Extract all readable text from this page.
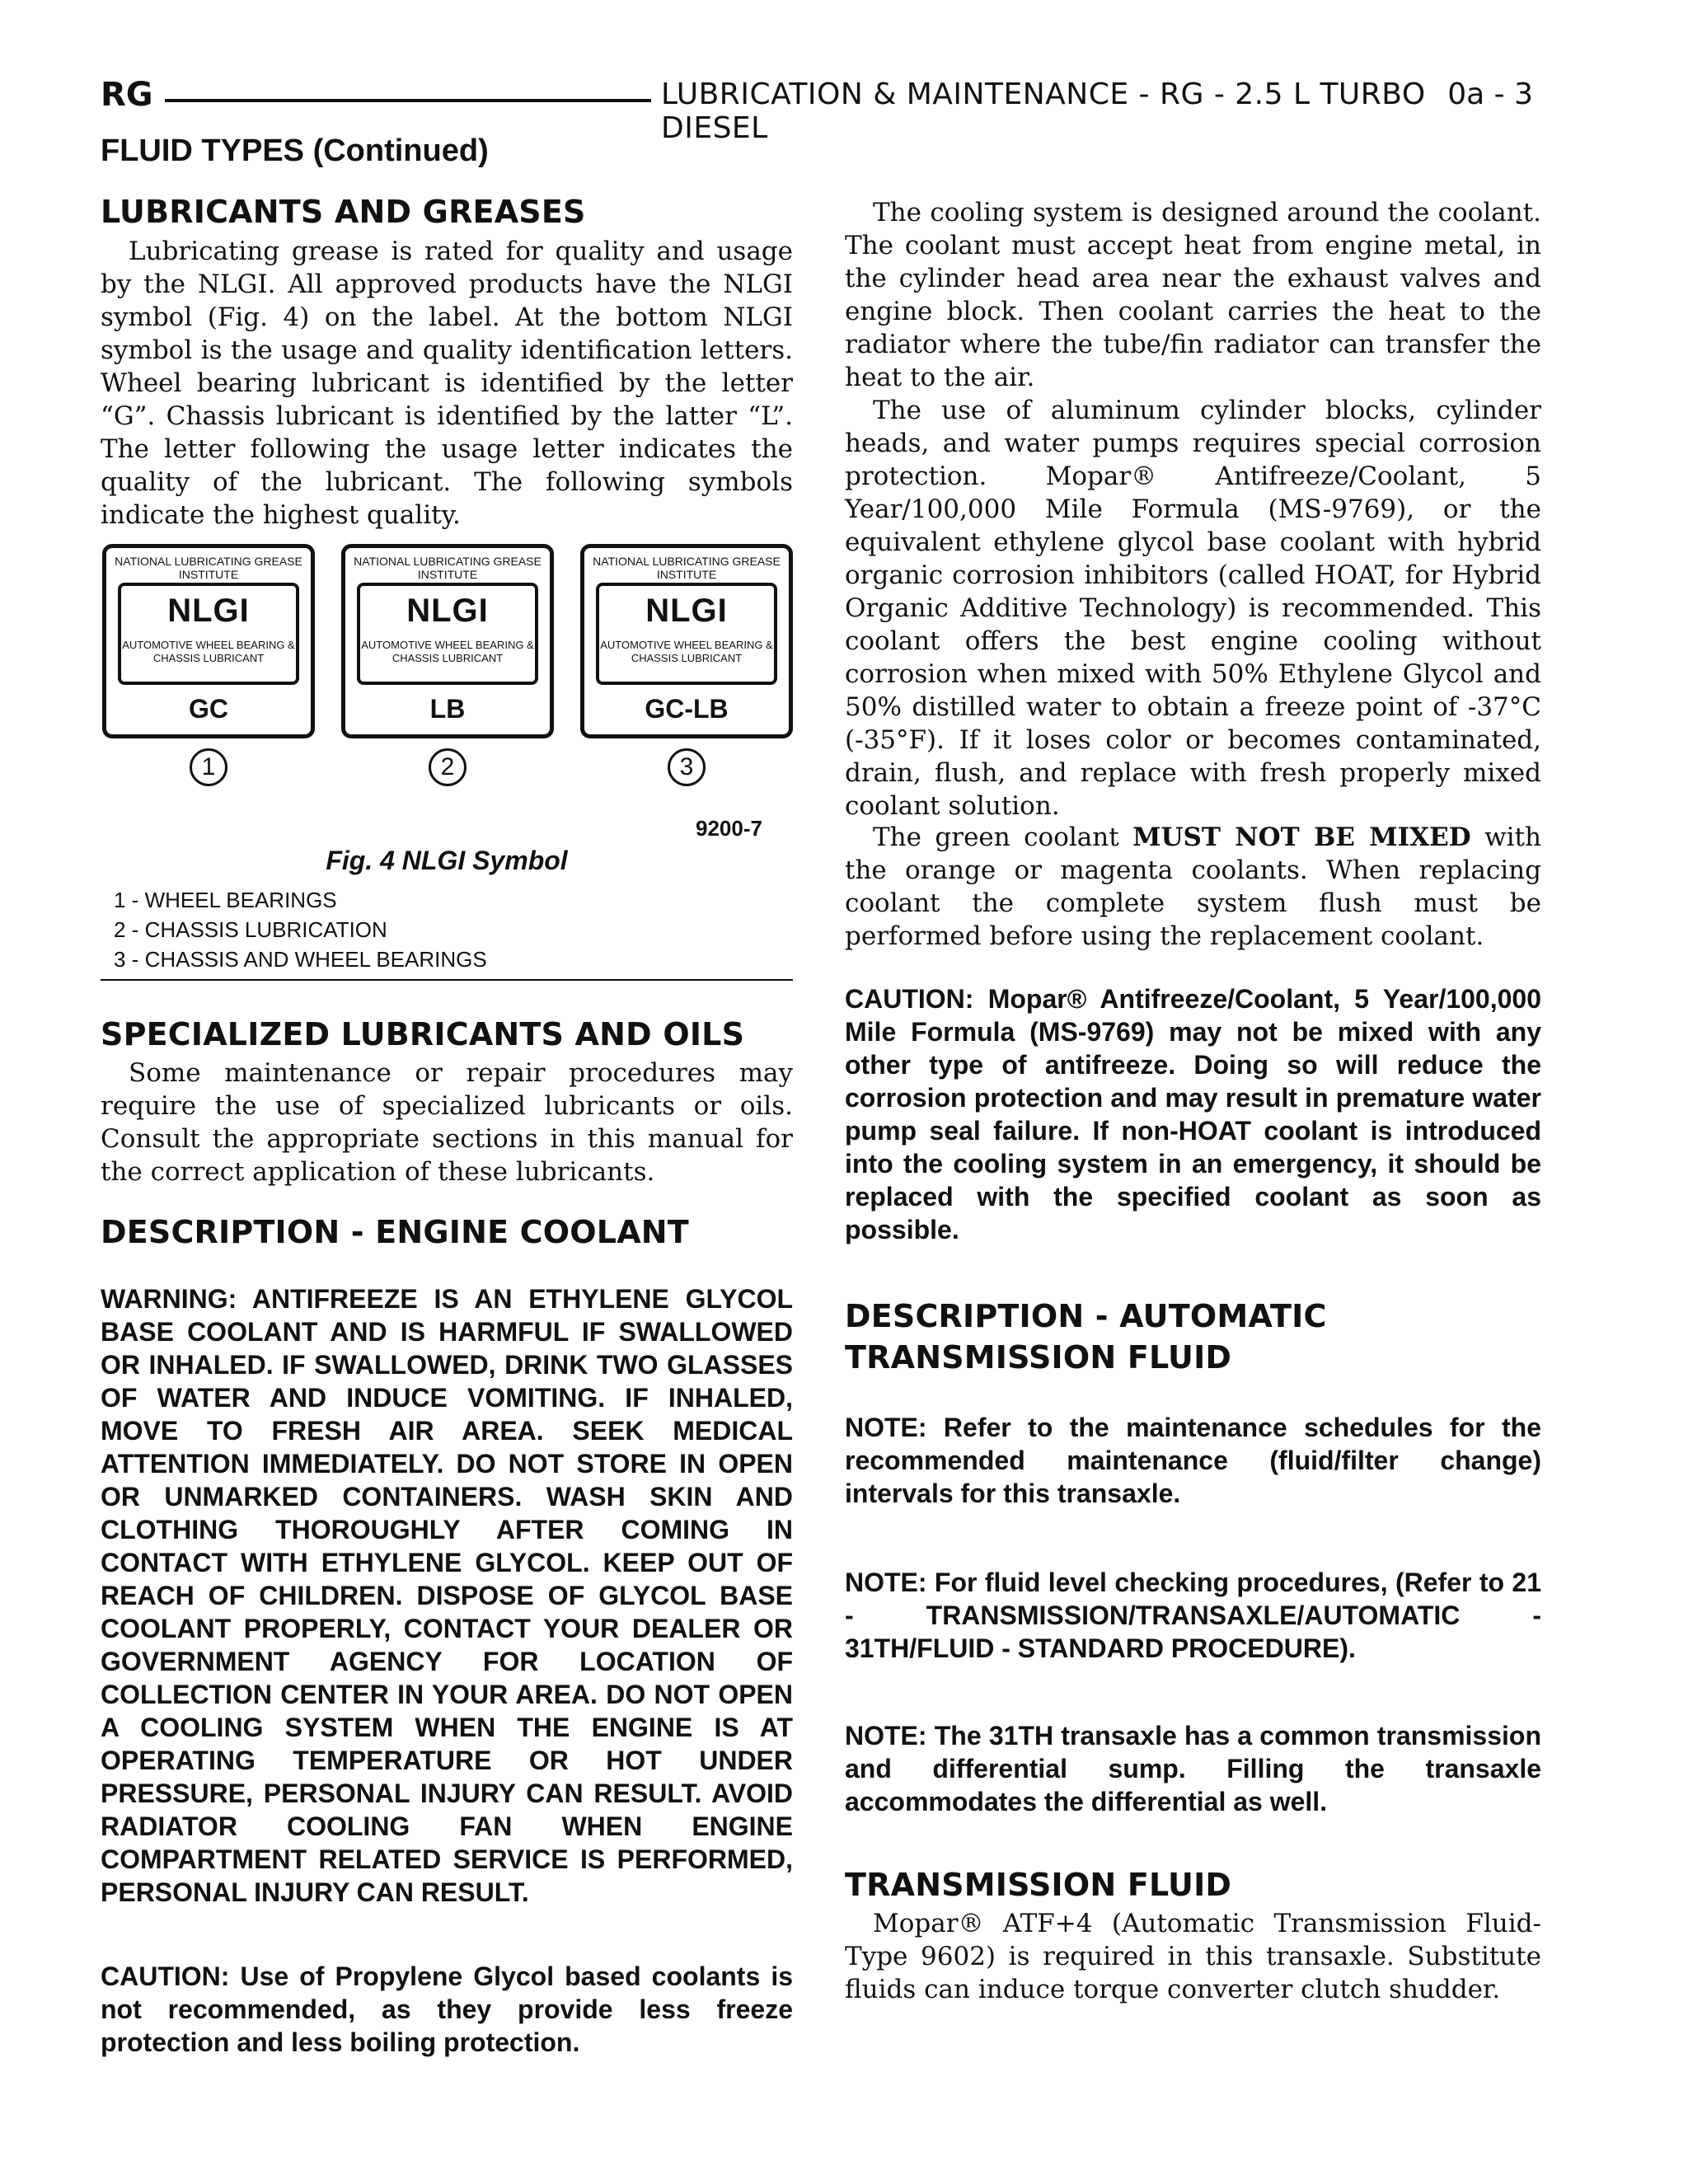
RG	LUBRICATION & MAINTENANCE - RG - 2.5 L TURBO DIESEL
0a - 3
FLUID TYPES (Continued)
LUBRICANTS AND GREASES

Lubricating grease is rated for quality and usage by the NLGI. All approved products have the NLGI symbol (Fig. 4) on the label. At the bottom NLGI symbol is the usage and quality identification letters. Wheel bearing lubricant is identified by the letter “G”. Chassis lubricant is identified by the latter “L”. The letter following the usage letter indicates the quality of the lubricant. The following symbols indicate the highest quality.

NATIONAL LUBRICATING GREASE INSTITUTE
NLGI
AUTOMOTIVE WHEEL BEARING & CHASSIS LUBRICANT
GC
NATIONAL LUBRICATING GREASE INSTITUTE
NLGI
AUTOMOTIVE WHEEL BEARING & CHASSIS LUBRICANT
LB
NATIONAL LUBRICATING GREASE INSTITUTE
NLGI
AUTOMOTIVE WHEEL BEARING & CHASSIS LUBRICANT
GC-LB
1	2	3
9200-7
Fig. 4 NLGI Symbol
1 - WHEEL BEARINGS
2 - CHASSIS LUBRICATION
3 - CHASSIS AND WHEEL BEARINGS
SPECIALIZED LUBRICANTS AND OILS

Some maintenance or repair procedures may require the use of specialized lubricants or oils. Consult the appropriate sections in this manual for the correct application of these lubricants.

DESCRIPTION - ENGINE COOLANT

WARNING: ANTIFREEZE IS AN ETHYLENE GLYCOL BASE COOLANT AND IS HARMFUL IF SWALLOWED OR INHALED. IF SWALLOWED, DRINK TWO GLASSES OF WATER AND INDUCE VOMITING. IF INHALED, MOVE TO FRESH AIR AREA. SEEK MEDICAL ATTENTION IMMEDIATELY. DO NOT STORE IN OPEN OR UNMARKED CONTAINERS. WASH SKIN AND CLOTHING THOROUGHLY AFTER COMING IN CONTACT WITH ETHYLENE GLYCOL. KEEP OUT OF REACH OF CHILDREN. DISPOSE OF GLYCOL BASE COOLANT PROPERLY, CONTACT YOUR DEALER OR GOVERNMENT AGENCY FOR LOCATION OF COLLECTION CENTER IN YOUR AREA. DO NOT OPEN A COOLING SYSTEM WHEN THE ENGINE IS AT OPERATING TEMPERATURE OR HOT UNDER PRESSURE, PERSONAL INJURY CAN RESULT. AVOID RADIATOR COOLING FAN WHEN ENGINE COMPARTMENT RELATED SERVICE IS PERFORMED, PERSONAL INJURY CAN RESULT.

CAUTION: Use of Propylene Glycol based coolants is not recommended, as they provide less freeze protection and less boiling protection.

The cooling system is designed around the coolant. The coolant must accept heat from engine metal, in the cylinder head area near the exhaust valves and engine block. Then coolant carries the heat to the radiator where the tube/fin radiator can transfer the heat to the air.

The use of aluminum cylinder blocks, cylinder heads, and water pumps requires special corrosion protection. Mopar® Antifreeze/Coolant, 5 Year/100,000 Mile Formula (MS-9769), or the equivalent ethylene glycol base coolant with hybrid organic corrosion inhibitors (called HOAT, for Hybrid Organic Additive Technology) is recommended. This coolant offers the best engine cooling without corrosion when mixed with 50% Ethylene Glycol and 50% distilled water to obtain a freeze point of -37°C (-35°F). If it loses color or becomes contaminated, drain, flush, and replace with fresh properly mixed coolant solution.

The green coolant MUST NOT BE MIXED with the orange or magenta coolants. When replacing coolant the complete system flush must be performed before using the replacement coolant.

CAUTION: Mopar® Antifreeze/Coolant, 5 Year/100,000 Mile Formula (MS-9769) may not be mixed with any other type of antifreeze. Doing so will reduce the corrosion protection and may result in premature water pump seal failure. If non-HOAT coolant is introduced into the cooling system in an emergency, it should be replaced with the specified coolant as soon as possible.

DESCRIPTION - AUTOMATIC TRANSMISSION FLUID

NOTE: Refer to the maintenance schedules for the recommended maintenance (fluid/filter change) intervals for this transaxle.

NOTE: For fluid level checking procedures, (Refer to 21 - TRANSMISSION/TRANSAXLE/AUTOMATIC - 31TH/FLUID - STANDARD PROCEDURE).

NOTE: The 31TH transaxle has a common transmission and differential sump. Filling the transaxle accommodates the differential as well.

TRANSMISSION FLUID

Mopar® ATF+4 (Automatic Transmission Fluid-Type 9602) is required in this transaxle. Substitute fluids can induce torque converter clutch shudder.
